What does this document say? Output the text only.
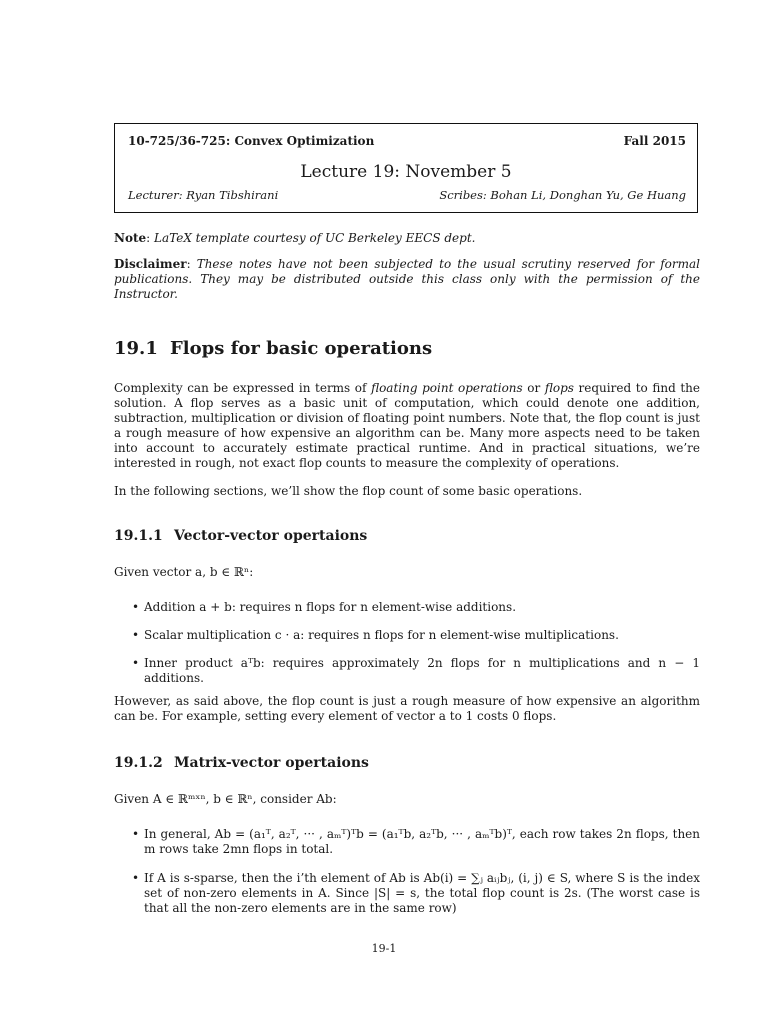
10-725/36-725: Convex Optimization	Fall 2015
Lecture 19: November 5
Lecturer: Ryan Tibshirani	Scribes: Bohan Li, Donghan Yu, Ge Huang
Note: LaTeX template courtesy of UC Berkeley EECS dept.
Disclaimer: These notes have not been subjected to the usual scrutiny reserved for formal publications. They may be distributed outside this class only with the permission of the Instructor.
19.1 Flops for basic operations
Complexity can be expressed in terms of floating point operations or flops required to find the solution. A flop serves as a basic unit of computation, which could denote one addition, subtraction, multiplication or division of floating point numbers. Note that, the flop count is just a rough measure of how expensive an algorithm can be. Many more aspects need to be taken into account to accurately estimate practical runtime. And in practical situations, we’re interested in rough, not exact flop counts to measure the complexity of operations.
In the following sections, we’ll show the flop count of some basic operations.
19.1.1 Vector-vector opertaions
Given vector a, b ∈ ℝⁿ:
• Addition a + b: requires n flops for n element-wise additions.
• Scalar multiplication c · a: requires n flops for n element-wise multiplications.
• Inner product aᵀb: requires approximately 2n flops for n multiplications and n − 1 additions.
However, as said above, the flop count is just a rough measure of how expensive an algorithm can be. For example, setting every element of vector a to 1 costs 0 flops.
19.1.2 Matrix-vector opertaions
Given A ∈ ℝᵐˣⁿ, b ∈ ℝⁿ, consider Ab:
• In general, Ab = (a₁ᵀ, a₂ᵀ, ··· , aₘᵀ)ᵀb = (a₁ᵀb, a₂ᵀb, ··· , aₘᵀb)ᵀ, each row takes 2n flops, then m rows take 2mn flops in total.
• If A is s-sparse, then the i’th element of Ab is Ab(i) = ∑ⱼ aᵢⱼbⱼ, (i, j) ∈ S, where S is the index set of non-zero elements in A. Since |S| = s, the total flop count is 2s. (The worst case is that all the non-zero elements are in the same row)
19-1
